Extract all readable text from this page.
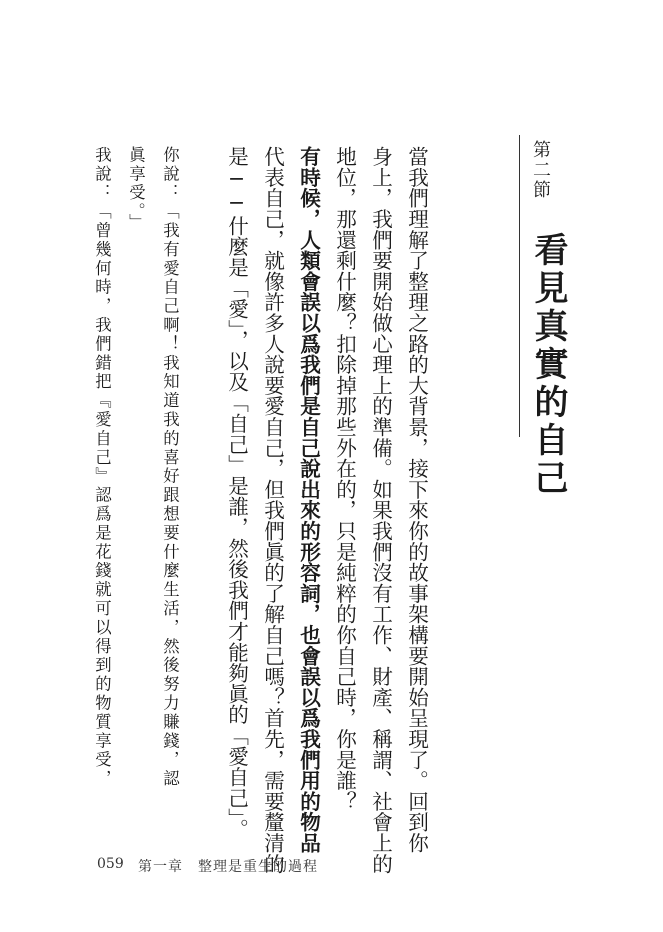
第二節
看見真實的自己
當我們理解了整理之路的大背景，接下來你的故事架構要開始呈現了。回到你
身上，我們要開始做心理上的準備。如果我們沒有工作、財產、稱謂、社會上的
地位，那還剩什麼？扣除掉那些外在的，只是純粹的你自己時，你是誰？
有時候，人類會誤以爲我們是自己說出來的形容詞，也會誤以爲我們用的物品
代表自己，就像許多人說要愛自己，但我們眞的了解自己嗎？首先，需要釐清的
是──什麼是「愛」，以及「自己」是誰，然後我們才能夠眞的「愛自己」。
你說：「我有愛自己啊！我知道我的喜好跟想要什麼生活，然後努力賺錢，認
眞享受。」
我說：「曾幾何時，我們錯把『愛自己』認爲是花錢就可以得到的物質享受，
059 第一章　整理是重生的過程
